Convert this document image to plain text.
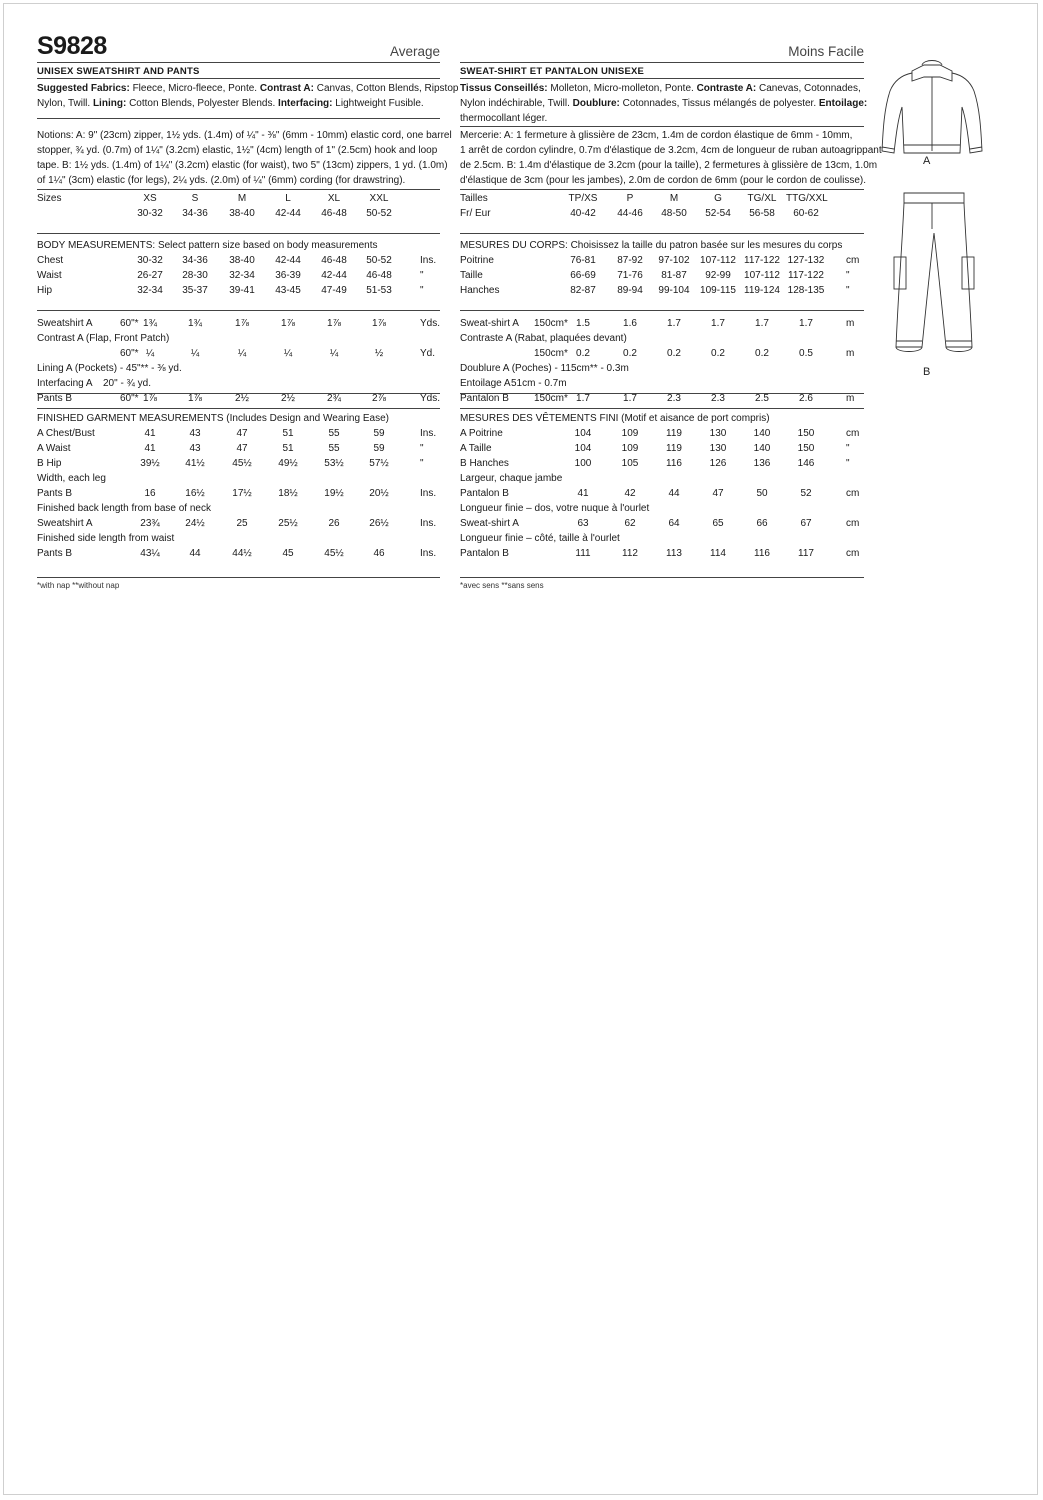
S9828	Average
UNISEX SWEATSHIRT AND PANTS
Suggested Fabrics: Fleece, Micro-fleece, Ponte. Contrast A: Canvas, Cotton Blends, Ripstop
Nylon, Twill. Lining: Cotton Blends, Polyester Blends. Interfacing: Lightweight Fusible.
Notions: A: 9" (23cm) zipper, 1½ yds. (1.4m) of ¼" - ⅜" (6mm - 10mm) elastic cord, one barrel
stopper, ¾ yd. (0.7m) of 1¼" (3.2cm) elastic, 1½" (4cm) length of 1" (2.5cm) hook and loop
tape. B: 1½ yds. (1.4m) of 1¼" (3.2cm) elastic (for waist), two 5" (13cm) zippers, 1 yd. (1.0m)
of 1¼" (3cm) elastic (for legs), 2¼ yds. (2.0m) of ¼" (6mm) cording (for drawstring).
Sizes	XS	S	M	L	XL	XXL
30-32	34-36	38-40	42-44	46-48	50-52
BODY MEASUREMENTS: Select pattern size based on body measurements
Chest	30-32	34-36	38-40	42-44	46-48	50-52	Ins.
Waist	26-27	28-30	32-34	36-39	42-44	46-48	"
Hip	32-34	35-37	39-41	43-45	47-49	51-53	"
Sweatshirt A	60"* 1¾	1¾	1⅞	1⅞	1⅞	1⅞	Yds.
Contrast A (Flap, Front Patch)
60"* ¼	¼	¼	¼	¼	½	Yd.
Lining A (Pockets) - 45"** - ⅜ yd.
Interfacing A 20" - ¾ yd.
Pants B	60"* 1⅞	1⅞	2½	2½	2¾	2⅞	Yds.
FINISHED GARMENT MEASUREMENTS (Includes Design and Wearing Ease)
A Chest/Bust	41	43	47	51	55	59	Ins.
A Waist	41	43	47	51	55	59	"
B Hip	39½	41½	45½	49½	53½	57½	"
Width, each leg
Pants B	16	16½	17½	18½	19½	20½	Ins.
Finished back length from base of neck
Sweatshirt A	23¾	24½	25	25½	26	26½	Ins.
Finished side length from waist
Pants B	43¼	44	44½	45	45½	46	Ins.
*with nap **without nap
Moins Facile
SWEAT-SHIRT ET PANTALON UNISEXE
Tissus Conseillés: Molleton, Micro-molleton, Ponte. Contraste A: Canevas, Cotonnades,
Nylon indéchirable, Twill. Doublure: Cotonnades, Tissus mélangés de polyester. Entoilage:
thermocollant léger.
Mercerie: A: 1 fermeture à glissière de 23cm, 1.4m de cordon élastique de 6mm - 10mm,
1 arrêt de cordon cylindre, 0.7m d'élastique de 3.2cm, 4cm de longueur de ruban autoagrippant
de 2.5cm. B: 1.4m d'élastique de 3.2cm (pour la taille), 2 fermetures à glissière de 13cm, 1.0m
d'élastique de 3cm (pour les jambes), 2.0m de cordon de 6mm (pour le cordon de coulisse).
Tailles	TP/XS	P	M	G	TG/XL TTG/XXL
Fr/ Eur	40-42	44-46	48-50	52-54	56-58	60-62
MESURES DU CORPS: Choisissez la taille du patron basée sur les mesures du corps
Poitrine	76-81	87-92	97-102	107-112 117-122 127-132 cm
Taille	66-69	71-76	81-87	92-99	107-112 117-122 "
Hanches	82-87	89-94	99-104	109-115 119-124 128-135 "
Sweat-shirt A 150cm* 1.5	1.6	1.7	1.7	1.7	1.7	m
Contraste A (Rabat, plaquées devant)
150cm* 0.2	0.2	0.2	0.2	0.2	0.5	m
Doublure A (Poches) - 115cm** - 0.3m
Entoilage A 51cm - 0.7m
Pantalon B	150cm* 1.7	1.7	2.3	2.3	2.5	2.6	m
MESURES DES VÊTEMENTS FINI (Motif et aisance de port compris)
A Poitrine	104	109	119	130	140	150	cm
A Taille	104	109	119	130	140	150	"
B Hanches	100	105	116	126	136	146	"
Largeur, chaque jambe
Pantalon B	41	42	44	47	50	52	cm
Longueur finie – dos, votre nuque à l'ourlet
Sweat-shirt A	63	62	64	65	66	67	cm
Longueur finie – côté, taille à l'ourlet
Pantalon B	111	112	113	114	116	117	cm
*avec sens **sans sens
A
B
